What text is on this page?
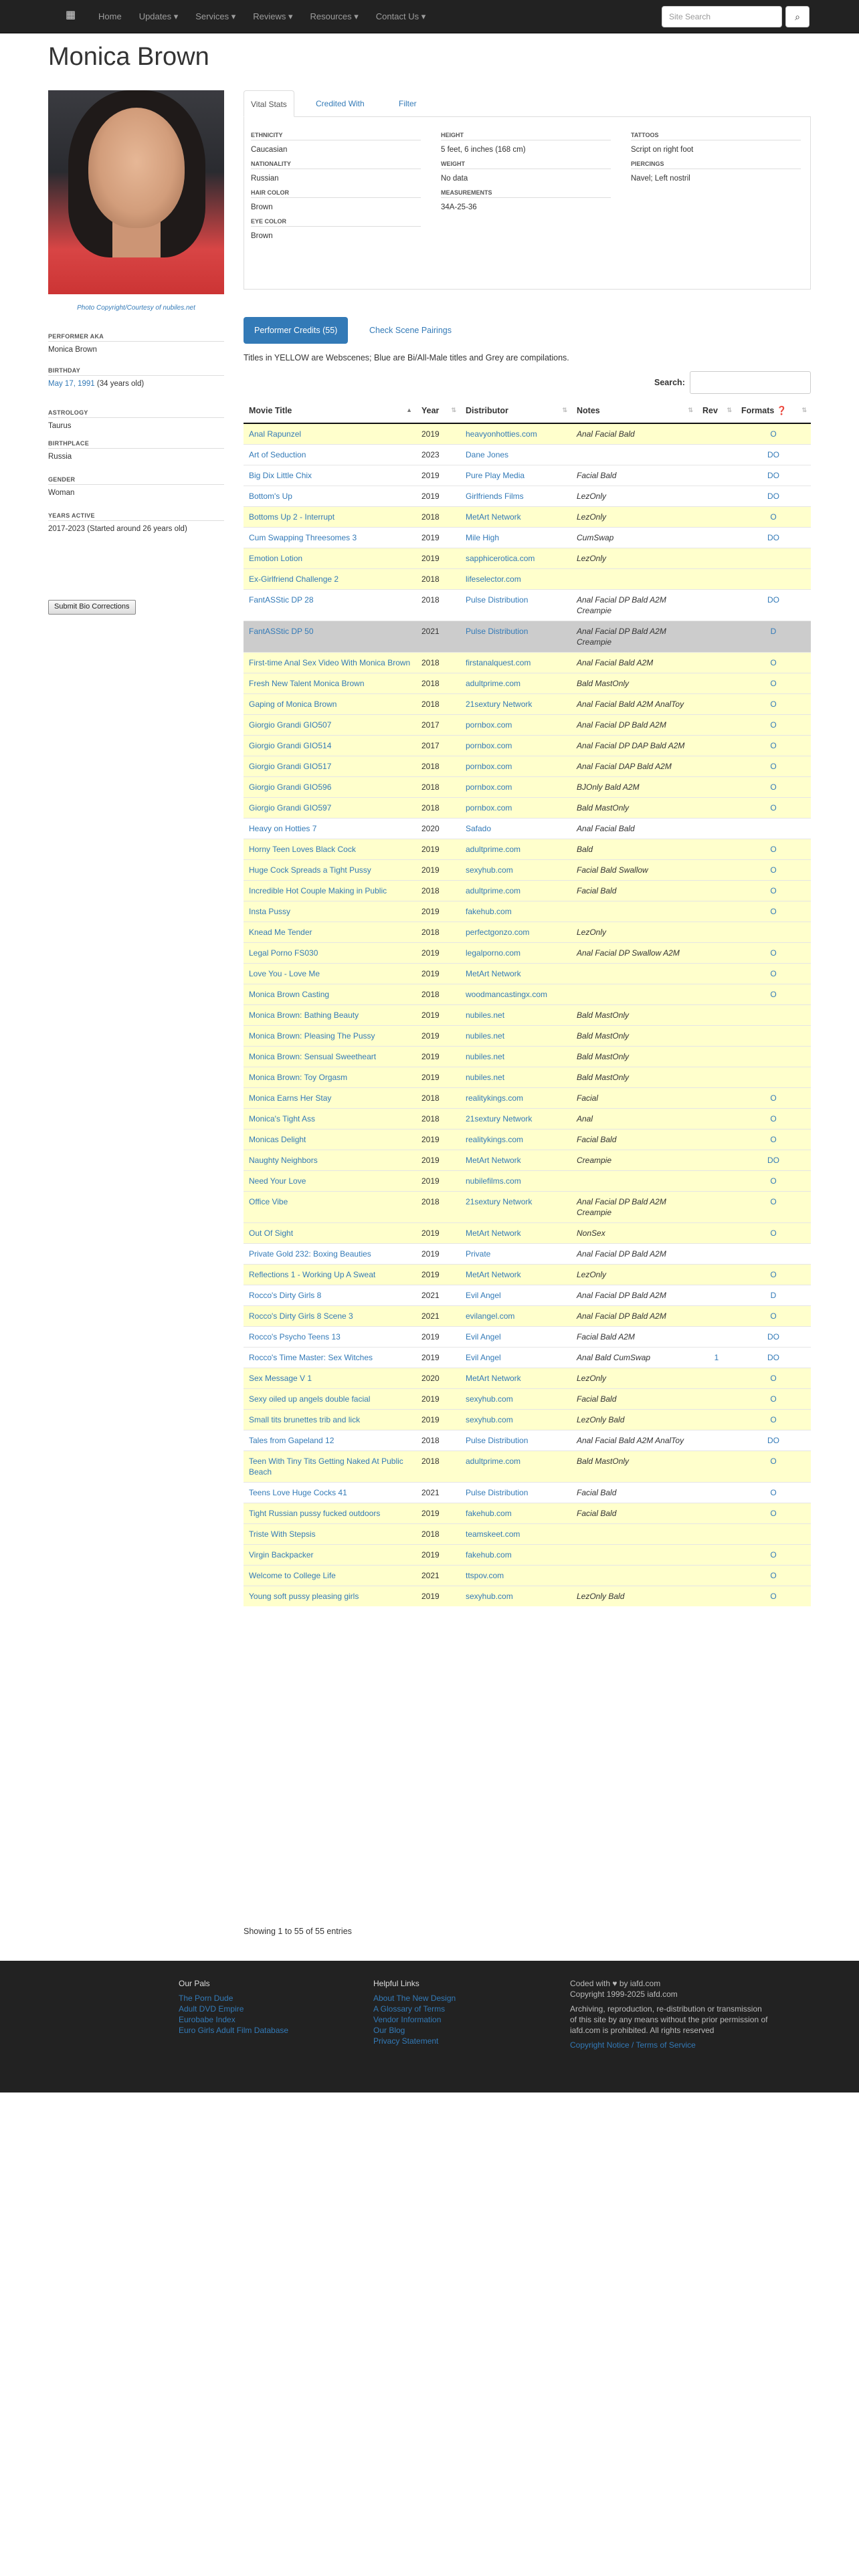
▦	Home	Updates ▾	Services ▾	Reviews ▾	Resources ▾	Contact Us ▾	Site Search	⌕
Monica Brown
Photo Copyright/Courtesy of nubiles.net
PERFORMER AKA
Monica Brown
BIRTHDAY
May 17, 1991 (34 years old)
ASTROLOGY
Taurus
BIRTHPLACE
Russia
GENDER
Woman
YEARS ACTIVE
2017-2023 (Started around 26 years old)
Submit Bio Corrections
Vital Stats	Credited With	Filter
ETHNICITY
Caucasian
NATIONALITY
Russian
HAIR COLOR
Brown
EYE COLOR
Brown
HEIGHT
5 feet, 6 inches (168 cm)
WEIGHT
No data
MEASUREMENTS
34A-25-36
TATTOOS
Script on right foot
PIERCINGS
Navel; Left nostril
Performer Credits (55)	Check Scene Pairings
Titles in YELLOW are Webscenes; Blue are Bi/All-Male titles and Grey are compilations.
Search:
Movie Title ▲	Year ⇅	Distributor ⇅	Notes ⇅	Rev ⇅	Formats ❓ ⇅

Anal Rapunzel	2019	heavyonhotties.com	Anal Facial Bald		O
Art of Seduction	2023	Dane Jones			DO
Big Dix Little Chix	2019	Pure Play Media	Facial Bald		DO
Bottom's Up	2019	Girlfriends Films	LezOnly		DO
Bottoms Up 2 - Interrupt	2018	MetArt Network	LezOnly		O
Cum Swapping Threesomes 3	2019	Mile High	CumSwap		DO
Emotion Lotion	2019	sapphicerotica.com	LezOnly		
Ex-Girlfriend Challenge 2	2018	lifeselector.com			
FantASStic DP 28	2018	Pulse Distribution	Anal Facial DP Bald A2M Creampie		DO
FantASStic DP 50	2021	Pulse Distribution	Anal Facial DP Bald A2M Creampie		D
First-time Anal Sex Video With Monica Brown	2018	firstanalquest.com	Anal Facial Bald A2M		O
Fresh New Talent Monica Brown	2018	adultprime.com	Bald MastOnly		O
Gaping of Monica Brown	2018	21sextury Network	Anal Facial Bald A2M AnalToy		O
Giorgio Grandi GIO507	2017	pornbox.com	Anal Facial DP Bald A2M		O
Giorgio Grandi GIO514	2017	pornbox.com	Anal Facial DP DAP Bald A2M		O
Giorgio Grandi GIO517	2018	pornbox.com	Anal Facial DAP Bald A2M		O
Giorgio Grandi GIO596	2018	pornbox.com	BJOnly Bald A2M		O
Giorgio Grandi GIO597	2018	pornbox.com	Bald MastOnly		O
Heavy on Hotties 7	2020	Safado	Anal Facial Bald		
Horny Teen Loves Black Cock	2019	adultprime.com	Bald		O
Huge Cock Spreads a Tight Pussy	2019	sexyhub.com	Facial Bald Swallow		O
Incredible Hot Couple Making in Public	2018	adultprime.com	Facial Bald		O
Insta Pussy	2019	fakehub.com			O
Knead Me Tender	2018	perfectgonzo.com	LezOnly		
Legal Porno FS030	2019	legalporno.com	Anal Facial DP Swallow A2M		O
Love You - Love Me	2019	MetArt Network			O
Monica Brown Casting	2018	woodmancastingx.com			O
Monica Brown: Bathing Beauty	2019	nubiles.net	Bald MastOnly		
Monica Brown: Pleasing The Pussy	2019	nubiles.net	Bald MastOnly		
Monica Brown: Sensual Sweetheart	2019	nubiles.net	Bald MastOnly		
Monica Brown: Toy Orgasm	2019	nubiles.net	Bald MastOnly		
Monica Earns Her Stay	2018	realitykings.com	Facial		O
Monica's Tight Ass	2018	21sextury Network	Anal		O
Monicas Delight	2019	realitykings.com	Facial Bald		O
Naughty Neighbors	2019	MetArt Network	Creampie		DO
Need Your Love	2019	nubilefilms.com			O
Office Vibe	2018	21sextury Network	Anal Facial DP Bald A2M Creampie		O
Out Of Sight	2019	MetArt Network	NonSex		O
Private Gold 232: Boxing Beauties	2019	Private	Anal Facial DP Bald A2M		
Reflections 1 - Working Up A Sweat	2019	MetArt Network	LezOnly		O
Rocco's Dirty Girls 8	2021	Evil Angel	Anal Facial DP Bald A2M		D
Rocco's Dirty Girls 8 Scene 3	2021	evilangel.com	Anal Facial DP Bald A2M		O
Rocco's Psycho Teens 13	2019	Evil Angel	Facial Bald A2M		DO
Rocco's Time Master: Sex Witches	2019	Evil Angel	Anal Bald CumSwap	1	DO
Sex Message V 1	2020	MetArt Network	LezOnly		O
Sexy oiled up angels double facial	2019	sexyhub.com	Facial Bald		O
Small tits brunettes trib and lick	2019	sexyhub.com	LezOnly Bald		O
Tales from Gapeland 12	2018	Pulse Distribution	Anal Facial Bald A2M AnalToy		DO
Teen With Tiny Tits Getting Naked At Public Beach	2018	adultprime.com	Bald MastOnly		O
Teens Love Huge Cocks 41	2021	Pulse Distribution	Facial Bald		O
Tight Russian pussy fucked outdoors	2019	fakehub.com	Facial Bald		O
Triste With Stepsis	2018	teamskeet.com			
Virgin Backpacker	2019	fakehub.com			O
Welcome to College Life	2021	ttspov.com			O
Young soft pussy pleasing girls	2019	sexyhub.com	LezOnly Bald		O
Showing 1 to 55 of 55 entries
Our Pals
The Porn Dude
Adult DVD Empire
Eurobabe Index
Euro Girls Adult Film Database
Helpful Links
About The New Design
A Glossary of Terms
Vendor Information
Our Blog
Privacy Statement
Coded with ♥ by iafd.com
Copyright 1999-2025 iafd.com
Archiving, reproduction, re-distribution or transmission of this site by any means without the prior permission of iafd.com is prohibited. All rights reserved
Copyright Notice / Terms of Service
